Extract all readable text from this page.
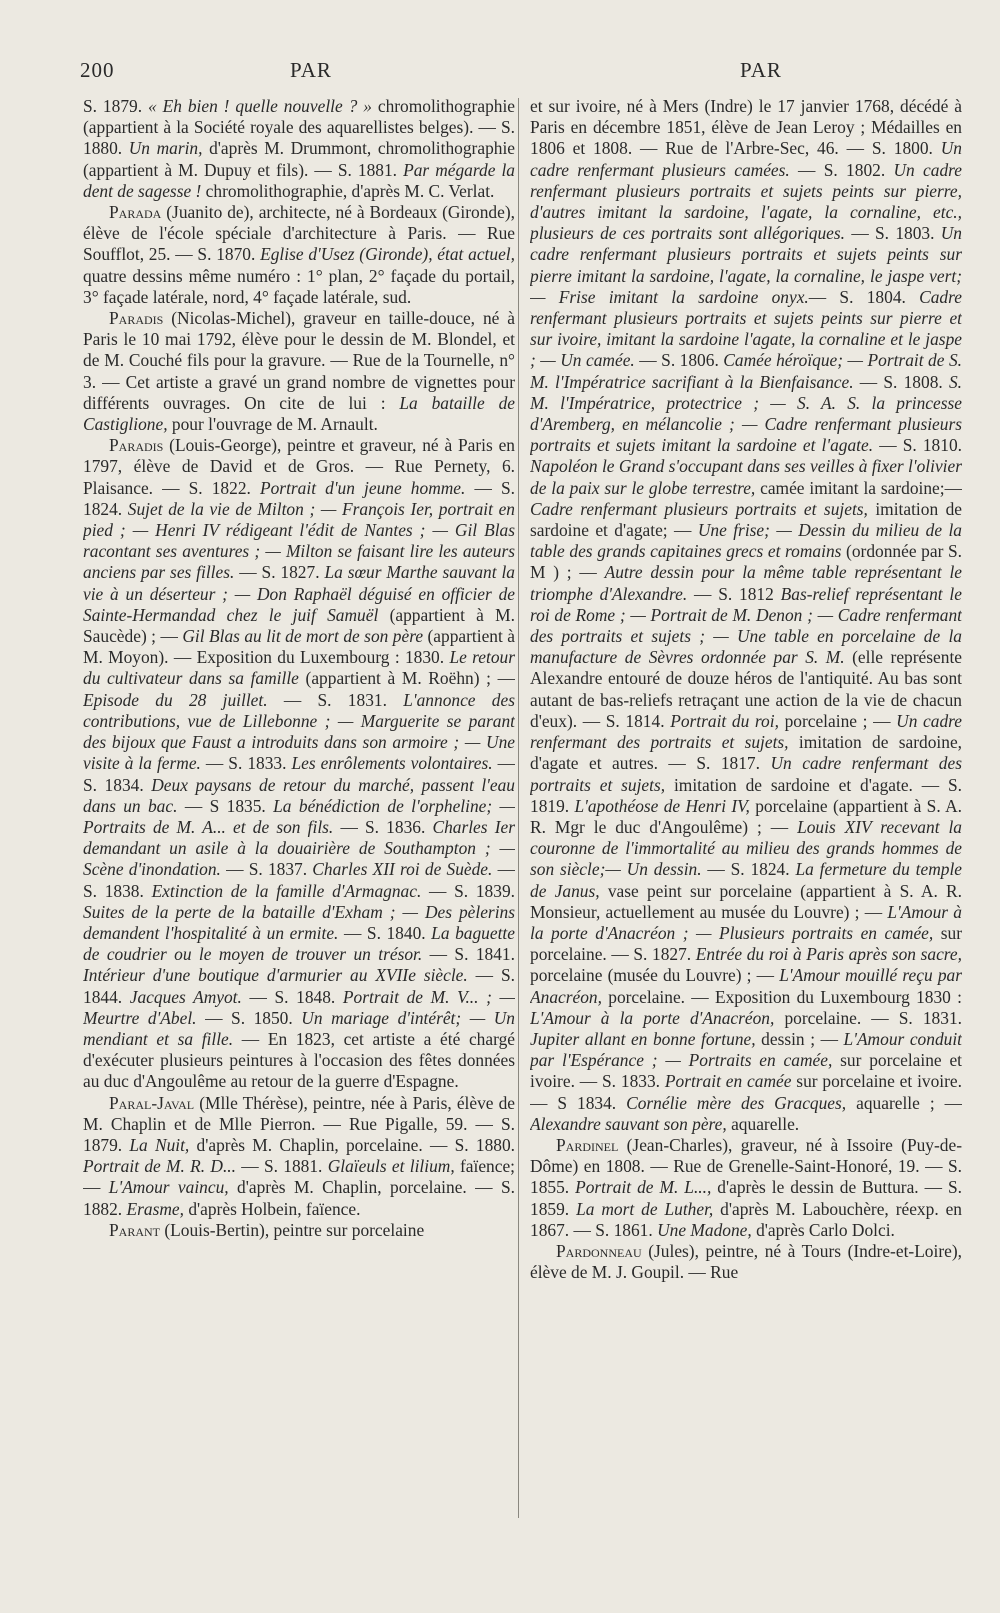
200	PAR	PAR

S. 1879. « Eh bien ! quelle nouvelle ? » chromolithographie (appartient à la Société royale des aquarellistes belges). — S. 1880. Un marin, d'après M. Drummont, chromolithographie (appartient à M. Dupuy et fils). — S. 1881. Par mégarde la dent de sagesse ! chromolithographie, d'après M. C. Verlat.

Parada (Juanito de), architecte, né à Bordeaux (Gironde), élève de l'école spéciale d'architecture à Paris. — Rue Soufflot, 25. — S. 1870. Eglise d'Usez (Gironde), état actuel, quatre dessins même numéro : 1° plan, 2° façade du portail, 3° façade latérale, nord, 4° façade latérale, sud.

Paradis (Nicolas-Michel), graveur en taille-douce, né à Paris le 10 mai 1792, élève pour le dessin de M. Blondel, et de M. Couché fils pour la gravure. — Rue de la Tournelle, n° 3. — Cet artiste a gravé un grand nombre de vignettes pour différents ouvrages. On cite de lui : La bataille de Castiglione, pour l'ouvrage de M. Arnault.

Paradis (Louis-George), peintre et graveur, né à Paris en 1797, élève de David et de Gros. — Rue Pernety, 6. Plaisance. — S. 1822. Portrait d'un jeune homme. — S. 1824. Sujet de la vie de Milton ; — François Ier, portrait en pied ; — Henri IV rédigeant l'édit de Nantes ; — Gil Blas racontant ses aventures ; — Milton se faisant lire les auteurs anciens par ses filles. — S. 1827. La sœur Marthe sauvant la vie à un déserteur ; — Don Raphaël déguisé en officier de Sainte-Hermandad chez le juif Samuël (appartient à M. Saucède) ; — Gil Blas au lit de mort de son père (appartient à M. Moyon). — Exposition du Luxembourg : 1830. Le retour du cultivateur dans sa famille (appartient à M. Roëhn) ; — Episode du 28 juillet. — S. 1831. L'annonce des contributions, vue de Lillebonne ; — Marguerite se parant des bijoux que Faust a introduits dans son armoire ; — Une visite à la ferme. — S. 1833. Les enrôlements volontaires. — S. 1834. Deux paysans de retour du marché, passent l'eau dans un bac. — S 1835. La bénédiction de l'orpheline; — Portraits de M. A... et de son fils. — S. 1836. Charles Ier demandant un asile à la douairière de Southampton ; — Scène d'inondation. — S. 1837. Charles XII roi de Suède. — S. 1838. Extinction de la famille d'Armagnac. — S. 1839. Suites de la perte de la bataille d'Exham ; — Des pèlerins demandent l'hospitalité à un ermite. — S. 1840. La baguette de coudrier ou le moyen de trouver un trésor. — S. 1841. Intérieur d'une boutique d'armurier au XVIIe siècle. — S. 1844. Jacques Amyot. — S. 1848. Portrait de M. V... ; — Meurtre d'Abel. — S. 1850. Un mariage d'intérêt; — Un mendiant et sa fille. — En 1823, cet artiste a été chargé d'exécuter plusieurs peintures à l'occasion des fêtes données au duc d'Angoulême au retour de la guerre d'Espagne.

Paral-Javal (Mlle Thérèse), peintre, née à Paris, élève de M. Chaplin et de Mlle Pierron. — Rue Pigalle, 59. — S. 1879. La Nuit, d'après M. Chaplin, porcelaine. — S. 1880. Portrait de M. R. D... — S. 1881. Glaïeuls et lilium, faïence; — L'Amour vaincu, d'après M. Chaplin, porcelaine. — S. 1882. Erasme, d'après Holbein, faïence.

Parant (Louis-Bertin), peintre sur porcelaine

et sur ivoire, né à Mers (Indre) le 17 janvier 1768, décédé à Paris en décembre 1851, élève de Jean Leroy ; Médailles en 1806 et 1808. — Rue de l'Arbre-Sec, 46. — S. 1800. Un cadre renfermant plusieurs camées. — S. 1802. Un cadre renfermant plusieurs portraits et sujets peints sur pierre, d'autres imitant la sardoine, l'agate, la cornaline, etc., plusieurs de ces portraits sont allégoriques. — S. 1803. Un cadre renfermant plusieurs portraits et sujets peints sur pierre imitant la sardoine, l'agate, la cornaline, le jaspe vert; — Frise imitant la sardoine onyx.— S. 1804. Cadre renfermant plusieurs portraits et sujets peints sur pierre et sur ivoire, imitant la sardoine l'agate, la cornaline et le jaspe ; — Un camée. — S. 1806. Camée héroïque; — Portrait de S. M. l'Impératrice sacrifiant à la Bienfaisance. — S. 1808. S. M. l'Impératrice, protectrice ; — S. A. S. la princesse d'Aremberg, en mélancolie ; — Cadre renfermant plusieurs portraits et sujets imitant la sardoine et l'agate. — S. 1810. Napoléon le Grand s'occupant dans ses veilles à fixer l'olivier de la paix sur le globe terrestre, camée imitant la sardoine;— Cadre renfermant plusieurs portraits et sujets, imitation de sardoine et d'agate; — Une frise; — Dessin du milieu de la table des grands capitaines grecs et romains (ordonnée par S. M ) ; — Autre dessin pour la même table représentant le triomphe d'Alexandre. — S. 1812 Bas-relief représentant le roi de Rome ; — Portrait de M. Denon ; — Cadre renfermant des portraits et sujets ; — Une table en porcelaine de la manufacture de Sèvres ordonnée par S. M. (elle représente Alexandre entouré de douze héros de l'antiquité. Au bas sont autant de bas-reliefs retraçant une action de la vie de chacun d'eux). — S. 1814. Portrait du roi, porcelaine ; — Un cadre renfermant des portraits et sujets, imitation de sardoine, d'agate et autres. — S. 1817. Un cadre renfermant des portraits et sujets, imitation de sardoine et d'agate. — S. 1819. L'apothéose de Henri IV, porcelaine (appartient à S. A. R. Mgr le duc d'Angoulême) ; — Louis XIV recevant la couronne de l'immortalité au milieu des grands hommes de son siècle;— Un dessin. — S. 1824. La fermeture du temple de Janus, vase peint sur porcelaine (appartient à S. A. R. Monsieur, actuellement au musée du Louvre) ; — L'Amour à la porte d'Anacréon ; — Plusieurs portraits en camée, sur porcelaine. — S. 1827. Entrée du roi à Paris après son sacre, porcelaine (musée du Louvre) ; — L'Amour mouillé reçu par Anacréon, porcelaine. — Exposition du Luxembourg 1830 : L'Amour à la porte d'Anacréon, porcelaine. — S. 1831. Jupiter allant en bonne fortune, dessin ; — L'Amour conduit par l'Espérance ; — Portraits en camée, sur porcelaine et ivoire. — S. 1833. Portrait en camée sur porcelaine et ivoire. — S 1834. Cornélie mère des Gracques, aquarelle ; — Alexandre sauvant son père, aquarelle.

Pardinel (Jean-Charles), graveur, né à Issoire (Puy-de-Dôme) en 1808. — Rue de Grenelle-Saint-Honoré, 19. — S. 1855. Portrait de M. L..., d'après le dessin de Buttura. — S. 1859. La mort de Luther, d'après M. Labouchère, réexp. en 1867. — S. 1861. Une Madone, d'après Carlo Dolci.

Pardonneau (Jules), peintre, né à Tours (Indre-et-Loire), élève de M. J. Goupil. — Rue
